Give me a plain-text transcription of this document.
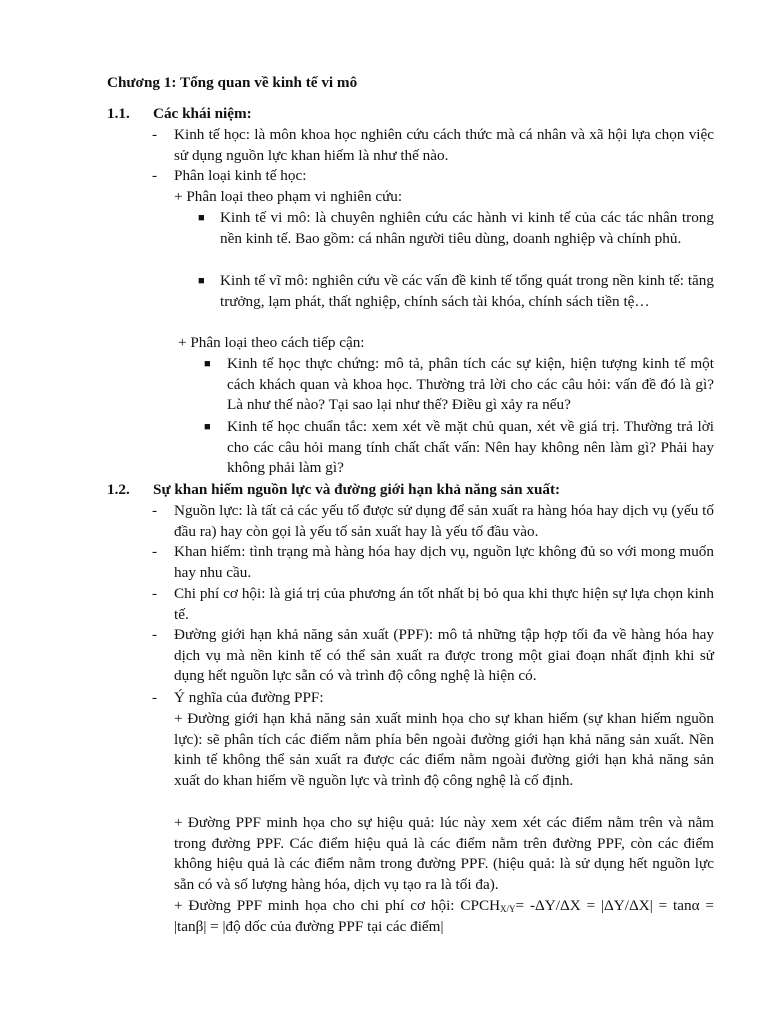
Chương 1: Tổng quan về kinh tế vi mô
1.1. Các khái niệm:
- Kinh tế học: là môn khoa học nghiên cứu cách thức mà cá nhân và xã hội lựa chọn việc sử dụng nguồn lực khan hiếm là như thế nào.
- Phân loại kinh tế học:
+ Phân loại theo phạm vi nghiên cứu:
■ Kinh tế vi mô: là chuyên nghiên cứu các hành vi kinh tế của các tác nhân trong nền kinh tế. Bao gồm: cá nhân người tiêu dùng, doanh nghiệp và chính phủ.
■ Kinh tế vĩ mô: nghiên cứu về các vấn đề kinh tế tổng quát trong nền kinh tế: tăng trưởng, lạm phát, thất nghiệp, chính sách tài khóa, chính sách tiền tệ…
+ Phân loại theo cách tiếp cận:
■ Kinh tế học thực chứng: mô tả, phân tích các sự kiện, hiện tượng kinh tế một cách khách quan và khoa học. Thường trả lời cho các câu hỏi: vấn đề đó là gì? Là như thế nào? Tại sao lại như thế? Điều gì xảy ra nếu?
■ Kinh tế học chuẩn tắc: xem xét về mặt chủ quan, xét về giá trị. Thường trả lời cho các câu hỏi mang tính chất chất vấn: Nên hay không nên làm gì? Phải hay không phải làm gì?
1.2. Sự khan hiếm nguồn lực và đường giới hạn khả năng sản xuất:
- Nguồn lực: là tất cả các yếu tố được sử dụng để sản xuất ra hàng hóa hay dịch vụ (yếu tố đầu ra) hay còn gọi là yếu tố sản xuất hay là yếu tố đầu vào.
- Khan hiếm: tình trạng mà hàng hóa hay dịch vụ, nguồn lực không đủ so với mong muốn hay nhu cầu.
- Chi phí cơ hội: là giá trị của phương án tốt nhất bị bỏ qua khi thực hiện sự lựa chọn kinh tế.
- Đường giới hạn khả năng sản xuất (PPF): mô tả những tập hợp tối đa về hàng hóa hay dịch vụ mà nền kinh tế có thể sản xuất ra được trong một giai đoạn nhất định khi sử dụng hết nguồn lực sẵn có và trình độ công nghệ là hiện có.
- Ý nghĩa của đường PPF:
+ Đường giới hạn khả năng sản xuất minh họa cho sự khan hiếm (sự khan hiếm nguồn lực): sẽ phân tích các điểm nằm phía bên ngoài đường giới hạn khả năng sản xuất. Nền kinh tế không thể sản xuất ra được các điểm nằm ngoài đường giới hạn khả năng sản xuất do khan hiếm về nguồn lực và trình độ công nghệ là cố định.
+ Đường PPF minh họa cho sự hiệu quả: lúc này xem xét các điểm nằm trên và nằm trong đường PPF. Các điểm hiệu quả là các điểm nằm trên đường PPF, còn các điểm không hiệu quả là các điểm nằm trong đường PPF. (hiệu quả: là sử dụng hết nguồn lực sẵn có và số lượng hàng hóa, dịch vụ tạo ra là tối đa).
+ Đường PPF minh họa cho chi phí cơ hội: $CPCH_{X/Y}= -\Delta Y/\Delta X = |\Delta Y/\Delta X| = \tan\alpha = |\tan\beta|$ = |độ dốc của đường PPF tại các điểm|
